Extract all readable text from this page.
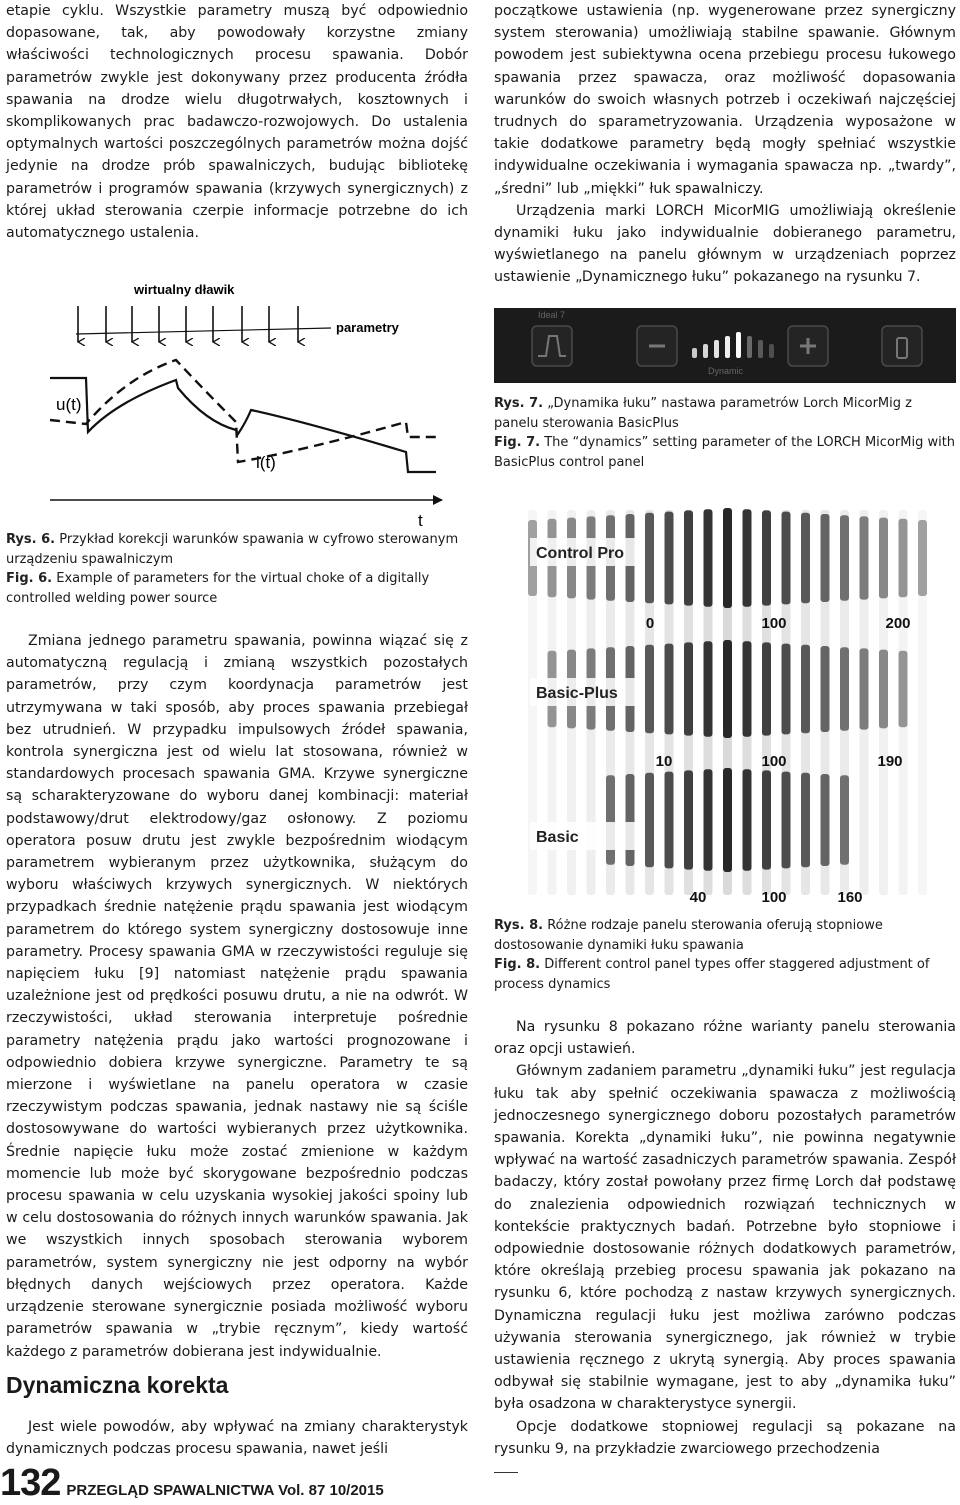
etapie cyklu. Wszystkie parametry muszą być odpowiednio dopasowane, tak, aby powodowały korzystne zmiany właściwości technologicznych procesu spawania. Dobór parametrów zwykle jest dokonywany przez producenta źródła spawania na drodze wielu długotrwałych, kosztownych i skomplikowanych prac badawczo-rozwojowych. Do ustalenia optymalnych wartości poszczególnych parametrów można dojść jedynie na drodze prób spawalniczych, budując bibliotekę parametrów i programów spawania (krzywych synergicznych) z której układ sterowania czerpie informacje potrzebne do ich automatycznego ustalenia.

wirtualny dławik
parametry
u(t)
i(t)
t

Rys. 6. Przykład korekcji warunków spawania w cyfrowo sterowanym urządzeniu spawalniczym

Fig. 6. Example of parameters for the virtual choke of a digitally controlled welding power source

Zmiana jednego parametru spawania, powinna wiązać się z automatyczną regulacją i zmianą wszystkich pozostałych parametrów, przy czym koordynacja parametrów jest utrzymywana w taki sposób, aby proces spawania przebiegał bez utrudnień. W przypadku impulsowych źródeł spawania, kontrola synergiczna jest od wielu lat stosowana, również w standardowych procesach spawania GMA. Krzywe synergiczne są scharakteryzowane do wyboru danej kombinacji: materiał podstawowy/drut elektrodowy/gaz osłonowy. Z poziomu operatora posuw drutu jest zwykle bezpośrednim wiodącym parametrem wybieranym przez użytkownika, służącym do wyboru właściwych krzywych synergicznych. W niektórych przypadkach średnie natężenie prądu spawania jest wiodącym parametrem do którego system synergiczny dostosowuje inne parametry. Procesy spawania GMA w rzeczywistości reguluje się napięciem łuku [9] natomiast natężenie prądu spawania uzależnione jest od prędkości posuwu drutu, a nie na odwrót. W rzeczywistości, układ sterowania interpretuje pośrednie parametry natężenia prądu jako wartości prognozowane i odpowiednio dobiera krzywe synergiczne. Parametry te są mierzone i wyświetlane na panelu operatora w czasie rzeczywistym podczas spawania, jednak nastawy nie są ściśle dostosowywane do wartości wybieranych przez użytkownika. Średnie napięcie łuku może zostać zmienione w każdym momencie lub może być skorygowane bezpośrednio podczas procesu spawania w celu uzyskania wysokiej jakości spoiny lub w celu dostosowania do różnych innych warunków spawania. Jak we wszystkich innych sposobach sterowania wyborem parametrów, system synergiczny nie jest odporny na wybór błędnych danych wejściowych przez operatora. Każde urządzenie sterowane synergicznie posiada możliwość wyboru parametrów spawania w „trybie ręcznym”, kiedy wartość każdego z parametrów dobierana jest indywidualnie.

Dynamiczna korekta

Jest wiele powodów, aby wpływać na zmiany charakterystyk dynamicznych podczas procesu spawania, nawet jeśli

132 PRZEGLĄD SPAWALNICTWA Vol. 87 10/2015

początkowe ustawienia (np. wygenerowane przez synergiczny system sterowania) umożliwiają stabilne spawanie. Głównym powodem jest subiektywna ocena przebiegu procesu łukowego spawania przez spawacza, oraz możliwość dopasowania warunków do swoich własnych potrzeb i oczekiwań najczęściej trudnych do sparametryzowania. Urządzenia wyposażone w takie dodatkowe parametry będą mogły spełniać wszystkie indywidualne oczekiwania i wymagania spawacza np. „twardy”, „średni” lub „miękki” łuk spawalniczy.

Urządzenia marki LORCH MicorMIG umożliwiają określenie dynamiki łuku jako indywidualnie dobieranego parametru, wyświetlanego na panelu głównym w urządzeniach poprzez ustawienie „Dynamicznego łuku” pokazanego na rysunku 7.

Ideal 7
Dynamic

Rys. 7. „Dynamika łuku” nastawa parametrów Lorch MicorMig z panelu sterowania BasicPlus

Fig. 7. The “dynamics” setting parameter of the LORCH MicorMig with BasicPlus control panel

Control Pro
0	100	200
Basic-Plus
10	100	190
Basic
40	100	160

Rys. 8. Różne rodzaje panelu sterowania oferują stopniowe dostosowanie dynamiki łuku spawania

Fig. 8. Different control panel types offer staggered adjustment of process dynamics

Na rysunku 8 pokazano różne warianty panelu sterowania oraz opcji ustawień.

Głównym zadaniem parametru „dynamiki łuku” jest regulacja łuku tak aby spełnić oczekiwania spawacza z możliwością jednoczesnego synergicznego doboru pozostałych parametrów spawania. Korekta „dynamiki łuku”, nie powinna negatywnie wpływać na wartość zasadniczych parametrów spawania. Zespół badaczy, który został powołany przez firmę Lorch dał podstawę do znalezienia odpowiednich rozwiązań technicznych w kontekście praktycznych badań. Potrzebne było stopniowe i odpowiednie dostosowanie różnych dodatkowych parametrów, które określają przebieg procesu spawania jak pokazano na rysunku 6, które pochodzą z nastaw krzywych synergicznych. Dynamiczna regulacji łuku jest możliwa zarówno podczas używania sterowania synergicznego, jak również w trybie ustawienia ręcznego z ukrytą synergią. Aby proces spawania odbywał się stabilnie wymagane, jest to aby „dynamika łuku” była osadzona w charakterystyce synergii.

Opcje dodatkowe stopniowej regulacji są pokazane na rysunku 9, na przykładzie zwarciowego przechodzenia
